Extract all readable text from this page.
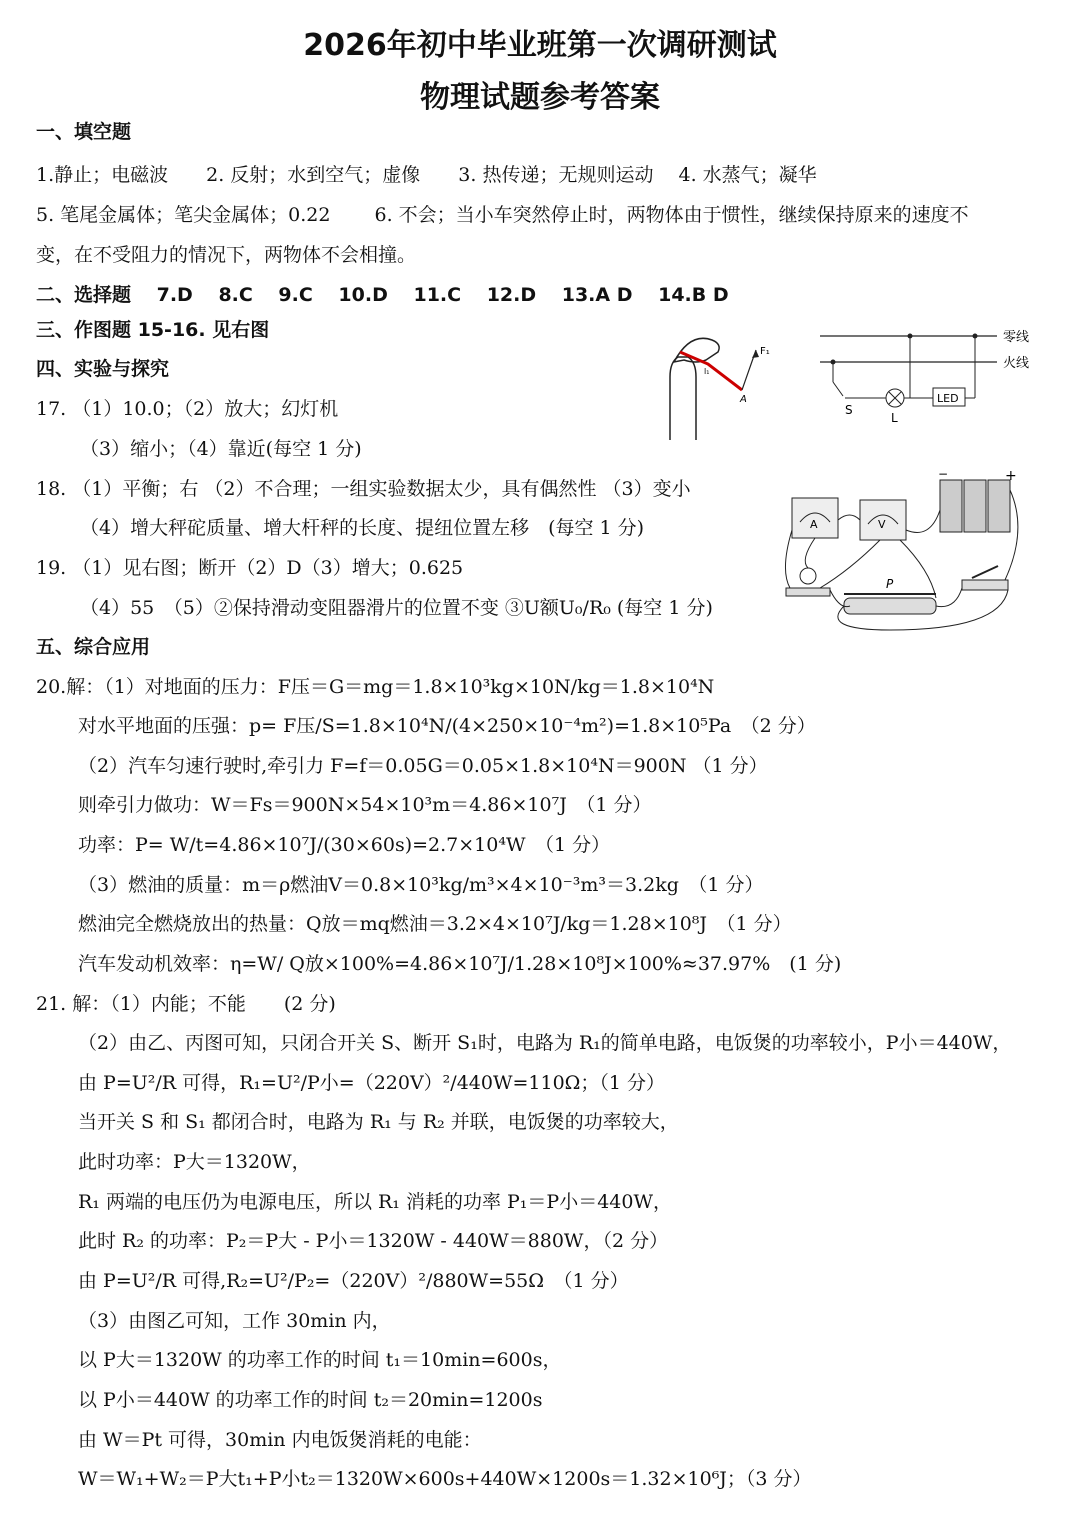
2026年初中毕业班第一次调研测试
物理试题参考答案
一、填空题
1.静止；电磁波　　2. 反射；水到空气；虚像　　3. 热传递；无规则运动　 4. 水蒸气；凝华
5. 笔尾金属体；笔尖金属体；0.22　　 6. 不会；当小车突然停止时，两物体由于惯性，继续保持原来的速度不
变，在不受阻力的情况下，两物体不会相撞。
二、选择题　 7.D　 8.C　 9.C　 10.D　 11.C　 12.D　 13.A D　 14.B D
三、作图题 15-16. 见右图
四、实验与探究
17. （1）10.0；（2）放大；幻灯机
（3）缩小；（4）靠近(每空 1 分)
18. （1）平衡；右 （2）不合理；一组实验数据太少，具有偶然性 （3）变小
（4）增大秤砣质量、增大杆秤的长度、提纽位置左移　(每空 1 分)
19. （1）见右图；断开（2）D（3）增大；0.625
（4）55　（5）②保持滑动变阻器滑片的位置不变 ③U额U₀/R₀ (每空 1 分)
五、综合应用
20.解：（1）对地面的压力：F压＝G＝mg＝1.8×10³kg×10N/kg＝1.8×10⁴N
对水平地面的压强：p= F压/S=1.8×10⁴N/(4×250×10⁻⁴m²)=1.8×10⁵Pa　（2 分）
（2）汽车匀速行驶时,牵引力 F=f＝0.05G＝0.05×1.8×10⁴N＝900N （1 分）
则牵引力做功：W＝Fs＝900N×54×10³m＝4.86×10⁷J　（1 分）
功率：P= W/t=4.86×10⁷J/(30×60s)=2.7×10⁴W　（1 分）
（3）燃油的质量：m＝ρ燃油V＝0.8×10³kg/m³×4×10⁻³m³＝3.2kg　（1 分）
燃油完全燃烧放出的热量：Q放＝mq燃油＝3.2×4×10⁷J/kg＝1.28×10⁸J　（1 分）
汽车发动机效率：η=W/ Q放×100%=4.86×10⁷J/1.28×10⁸J×100%≈37.97%　(1 分)
21. 解：（1）内能；不能　　(2 分)
（2）由乙、丙图可知，只闭合开关 S、断开 S₁时，电路为 R₁的简单电路，电饭煲的功率较小，P小＝440W，
由 P=U²/R 可得，R₁=U²/P小=（220V）²/440W=110Ω；（1 分）
当开关 S 和 S₁ 都闭合时，电路为 R₁ 与 R₂ 并联，电饭煲的功率较大，
此时功率：P大＝1320W，
R₁ 两端的电压仍为电源电压，所以 R₁ 消耗的功率 P₁＝P小＝440W，
此时 R₂ 的功率：P₂＝P大 - P小＝1320W - 440W＝880W，（2 分）
由 P=U²/R 可得,R₂=U²/P₂=（220V）²/880W=55Ω　（1 分）
（3）由图乙可知，工作 30min 内，
以 P大＝1320W 的功率工作的时间 t₁＝10min=600s，
以 P小＝440W 的功率工作的时间 t₂＝20min=1200s
由 W＝Pt 可得，30min 内电饭煲消耗的电能：
W＝W₁+W₂＝P大t₁+P小t₂＝1320W×600s+440W×1200s＝1.32×10⁶J；（3 分）
F₁
A
l₁
零线
火线
S
L
LED
A	V
−	+
P
